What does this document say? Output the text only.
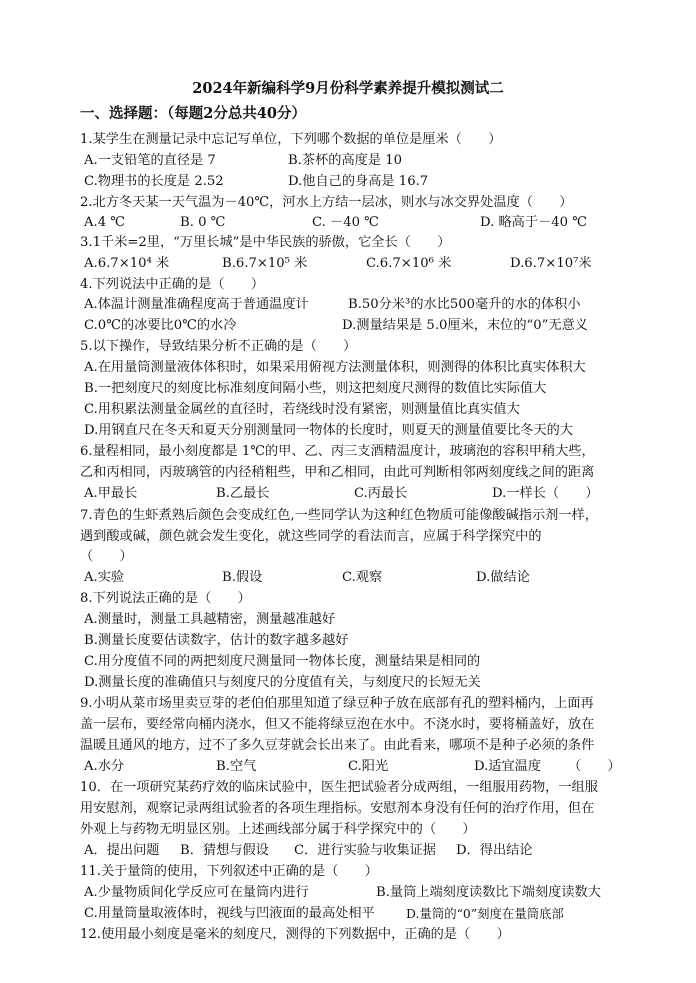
2024年新编科学9月份科学素养提升模拟测试二
一、选择题：（每题2分总共40分）
1.某学生在测量记录中忘记写单位，下列哪个数据的单位是厘米（　　）
A.一支铅笔的直径是 7	B.茶杯的高度是 10
C.物理书的长度是 2.52	D.他自己的身高是 16.7
2.北方冬天某一天气温为－40℃，河水上方结一层冰，则水与冰交界处温度（　　）
A.4 ℃	B. 0 ℃	C. －40 ℃	D. 略高于－40 ℃
3.1千米=2里，“万里长城”是中华民族的骄傲，它全长（　　）
A.6.7×10⁴ 米	B.6.7×10⁵ 米	C.6.7×10⁶ 米	D.6.7×10⁷米
4.下列说法中正确的是（　　）
A.体温计测量准确程度高于普通温度计	B.50分米³的水比500毫升的水的体积小
C.0℃的冰要比0℃的水冷	D.测量结果是 5.0厘米，末位的“0”无意义
5.以下操作，导致结果分析不正确的是（　　）
A.在用量筒测量液体体积时，如果采用俯视方法测量体积，则测得的体积比真实体积大
B.一把刻度尺的刻度比标准刻度间隔小些，则这把刻度尺测得的数值比实际值大
C.用积累法测量金属丝的直径时，若绕线时没有紧密，则测量值比真实值大
D.用钢直尺在冬天和夏天分别测量同一物体的长度时，则夏天的测量值要比冬天的大
6.量程相同，最小刻度都是 1℃的甲、乙、丙三支酒精温度计，玻璃泡的容积甲稍大些，
乙和丙相同，丙玻璃管的内径稍粗些，甲和乙相同，由此可判断相邻两刻度线之间的距离
A.甲最长	B.乙最长	C.丙最长	D.一样长（　　）
7.青色的生虾煮熟后颜色会变成红色,一些同学认为这种红色物质可能像酸碱指示剂一样，
遇到酸或碱，颜色就会发生变化，就这些同学的看法而言，应属于科学探究中的
（　　）
A.实验	B.假设	C.观察	D.做结论
8.下列说法正确的是（　　）
A.测量时，测量工具越精密，测量越准越好
B.测量长度要估读数字，估计的数字越多越好
C.用分度值不同的两把刻度尺测量同一物体长度，测量结果是相同的
D.测量长度的准确值只与刻度尺的分度值有关，与刻度尺的长短无关
9.小明从菜市场里卖豆芽的老伯伯那里知道了绿豆种子放在底部有孔的塑料桶内，上面再
盖一层布，要经常向桶内浇水，但又不能将绿豆泡在水中。不浇水时，要将桶盖好，放在
温暖且通风的地方，过不了多久豆芽就会长出来了。由此看来，哪项不是种子必须的条件
A.水分	B.空气	C.阳光	D.适宜温度 （　　）
10．在一项研究某药疗效的临床试验中，医生把试验者分成两组，一组服用药物，一组服
用安慰剂，观察记录两组试验者的各项生理指标。安慰剂本身没有任何的治疗作用，但在
外观上与药物无明显区别。上述画线部分属于科学探究中的（　　）
A．提出问题 B．猜想与假设 C．进行实验与收集证据 D．得出结论
11.关于量筒的使用，下列叙述中正确的是（　　）
A.少量物质间化学反应可在量筒内进行	B.量筒上端刻度读数比下端刻度读数大
C.用量筒量取液体时，视线与凹液面的最高处相平	D.量筒的“0”刻度在量筒底部
12.使用最小刻度是毫米的刻度尺，测得的下列数据中，正确的是（　　）
